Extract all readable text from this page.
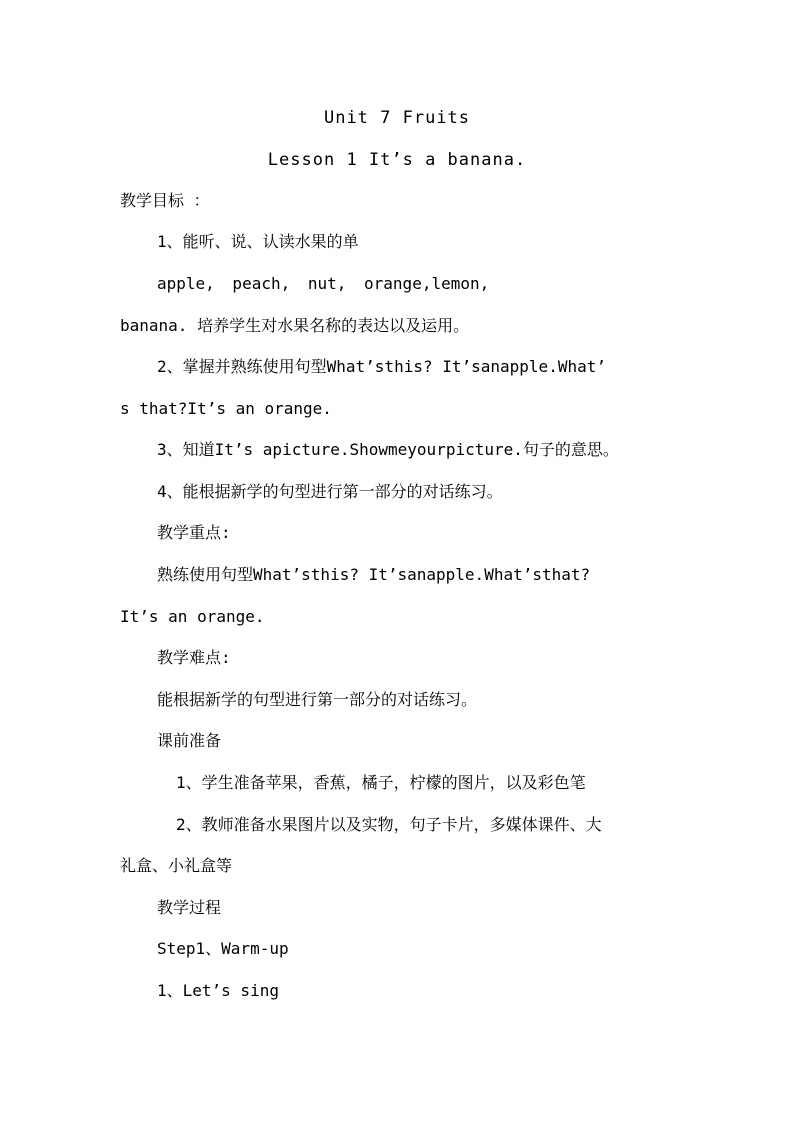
Unit 7 Fruits
Lesson 1 It’s a banana.
教学目标 ：
1、能听、说、认读水果的单
apple, peach, nut, orange,lemon,
banana. 培养学生对水果名称的表达以及运用。
2、掌握并熟练使用句型What’sthis? It’sanapple.What’
s that?It’s an orange.
3、知道It’s apicture.Showmeyourpicture.句子的意思。
4、能根据新学的句型进行第一部分的对话练习。
教学重点:
熟练使用句型What’sthis? It’sanapple.What’sthat?
It’s an orange.
教学难点:
能根据新学的句型进行第一部分的对话练习。
课前准备
1、学生准备苹果，香蕉，橘子，柠檬的图片，以及彩色笔
2、教师准备水果图片以及实物，句子卡片，多媒体课件、大
礼盒、小礼盒等
教学过程
Step1、Warm-up
1、Let’s sing
